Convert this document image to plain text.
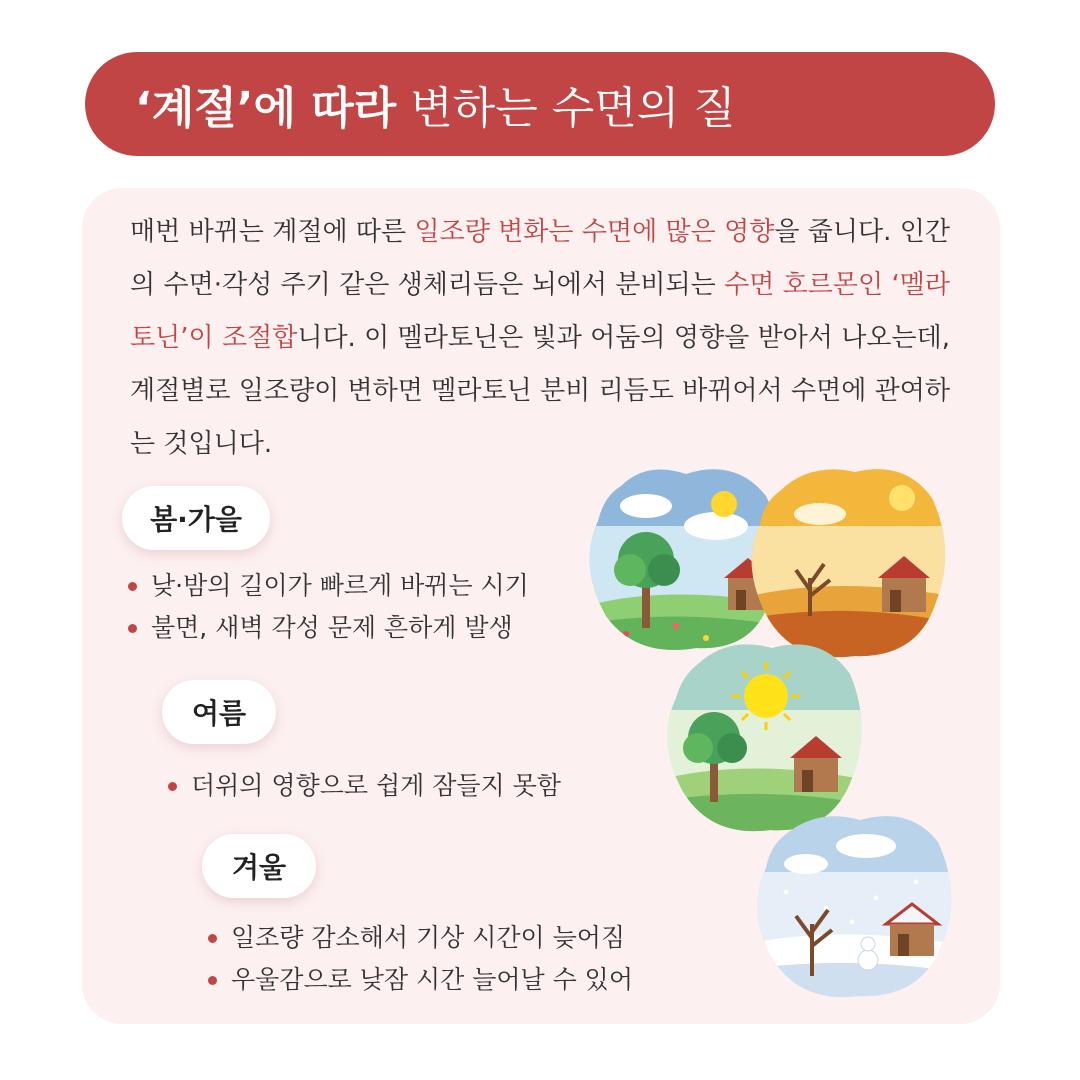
‘계절’에 따라 변하는 수면의 질
매번 바뀌는 계절에 따른 일조량 변화는 수면에 많은 영향을 줍니다. 인간의 수면·각성 주기 같은 생체리듬은 뇌에서 분비되는 수면 호르몬인 ‘멜라토닌’이 조절합니다. 이 멜라토닌은 빛과 어둠의 영향을 받아서 나오는데, 계절별로 일조량이 변하면 멜라토닌 분비 리듬도 바뀌어서 수면에 관여하는 것입니다.
봄·가을
낮·밤의 길이가 빠르게 바뀌는 시기
불면, 새벽 각성 문제 흔하게 발생
여름
더위의 영향으로 쉽게 잠들지 못함
겨울
일조량 감소해서 기상 시간이 늦어짐
우울감으로 낮잠 시간 늘어날 수 있어
